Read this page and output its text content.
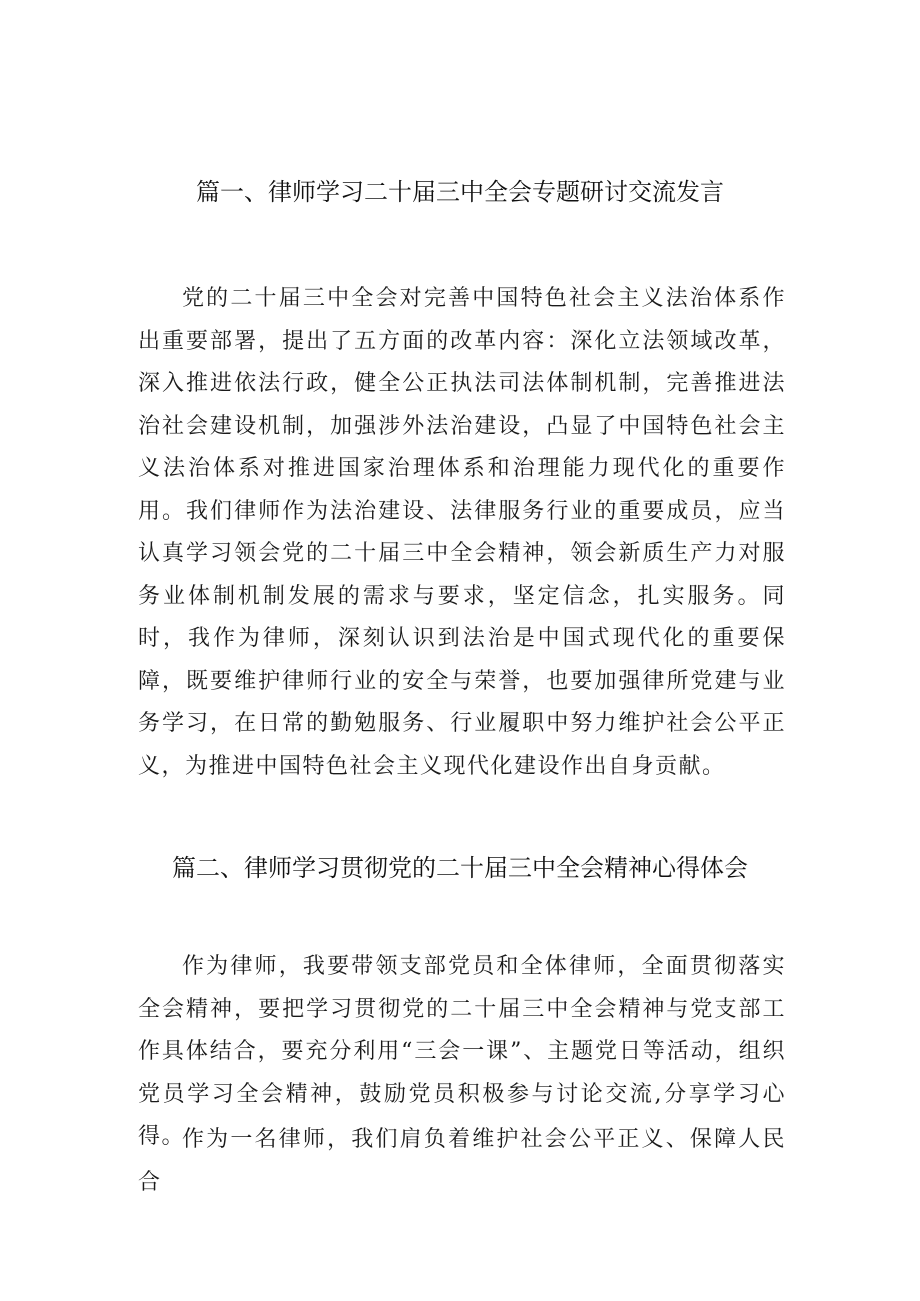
篇一、律师学习二十届三中全会专题研讨交流发言
党的二十届三中全会对完善中国特色社会主义法治体系作出重要部署，提出了五方面的改革内容：深化立法领域改革，深入推进依法行政，健全公正执法司法体制机制，完善推进法治社会建设机制，加强涉外法治建设，凸显了中国特色社会主义法治体系对推进国家治理体系和治理能力现代化的重要作用。我们律师作为法治建设、法律服务行业的重要成员，应当认真学习领会党的二十届三中全会精神，领会新质生产力对服务业体制机制发展的需求与要求，坚定信念，扎实服务。同时，我作为律师，深刻认识到法治是中国式现代化的重要保障，既要维护律师行业的安全与荣誉，也要加强律所党建与业务学习，在日常的勤勉服务、行业履职中努力维护社会公平正义，为推进中国特色社会主义现代化建设作出自身贡献。
篇二、律师学习贯彻党的二十届三中全会精神心得体会
作为律师，我要带领支部党员和全体律师，全面贯彻落实全会精神，要把学习贯彻党的二十届三中全会精神与党支部工作具体结合，要充分利用“三会一课”、主题党日等活动，组织党员学习全会精神，鼓励党员积极参与讨论交流,分享学习心得。
作为一名律师，我们肩负着维护社会公平正义、保障人民合
